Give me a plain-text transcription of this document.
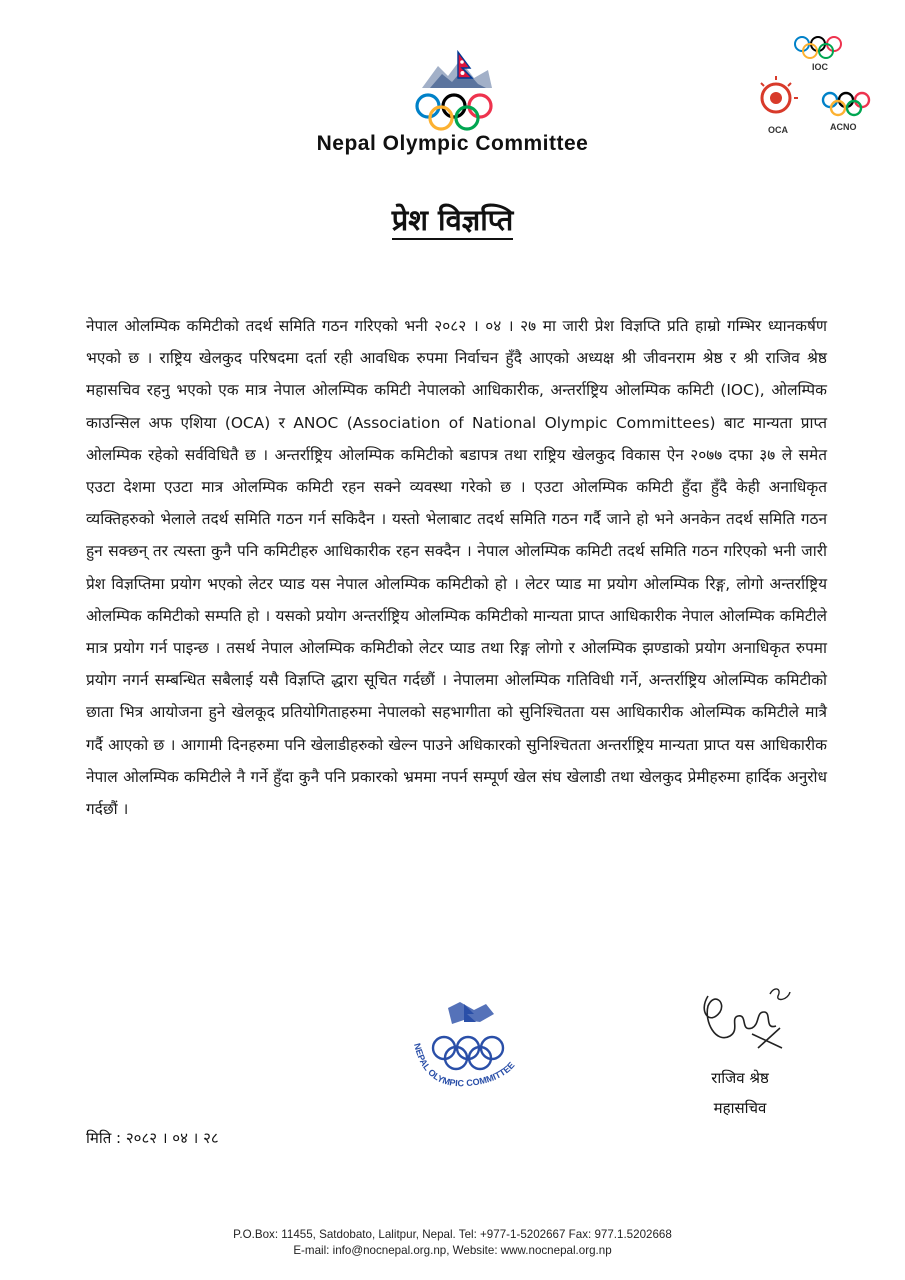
Nepal Olympic Committee
IOC
OCA	ACNO
प्रेश विज्ञप्ति
नेपाल ओलम्पिक कमिटीको तदर्थ समिति गठन गरिएको भनी २०८२ । ०४ । २७ मा जारी प्रेश विज्ञप्ति प्रति हाम्रो गम्भिर ध्यानकर्षण भएको छ । राष्ट्रिय खेलकुद परिषदमा दर्ता रही आवधिक रुपमा निर्वाचन हुँदै आएको अध्यक्ष श्री जीवनराम श्रेष्ठ र श्री राजिव श्रेष्ठ महासचिव रहनु भएको एक मात्र नेपाल ओलम्पिक कमिटी नेपालको आधिकारीक, अन्तर्राष्ट्रिय ओलम्पिक कमिटी (IOC), ओलम्पिक काउन्सिल अफ एशिया (OCA) र ANOC (Association of National Olympic Committees) बाट मान्यता प्राप्त ओलम्पिक रहेको सर्वविधितै छ । अन्तर्राष्ट्रिय ओलम्पिक कमिटीको बडापत्र तथा राष्ट्रिय खेलकुद विकास ऐन २०७७ दफा ३७ ले समेत एउटा देशमा एउटा मात्र ओलम्पिक कमिटी रहन सक्ने व्यवस्था गरेको छ । एउटा ओलम्पिक कमिटी हुँदा हुँदै केही अनाधिकृत व्यक्तिहरुको भेलाले तदर्थ समिति गठन गर्न सकिदैन । यस्तो भेलाबाट तदर्थ समिति गठन गर्दै जाने हो भने अनकेन तदर्थ समिति गठन हुन सक्छन् तर त्यस्ता कुनै पनि कमिटीहरु आधिकारीक रहन सक्दैन । नेपाल ओलम्पिक कमिटी तदर्थ समिति गठन गरिएको भनी जारी प्रेश विज्ञप्तिमा प्रयोग भएको लेटर प्याड यस नेपाल ओलम्पिक कमिटीको हो । लेटर प्याड मा प्रयोग ओलम्पिक रिङ्ग, लोगो अन्तर्राष्ट्रिय ओलम्पिक कमिटीको सम्पति हो । यसको प्रयोग अन्तर्राष्ट्रिय ओलम्पिक कमिटीको मान्यता प्राप्त आधिकारीक नेपाल ओलम्पिक कमिटीले मात्र प्रयोग गर्न पाइन्छ । तसर्थ नेपाल ओलम्पिक कमिटीको लेटर प्याड तथा रिङ्ग लोगो र ओलम्पिक झण्डाको प्रयोग अनाधिकृत रुपमा प्रयोग नगर्न सम्बन्धित सबैलाई यसै विज्ञप्ति द्धारा सूचित गर्दछौं । नेपालमा ओलम्पिक गतिविधी गर्ने, अन्तर्राष्ट्रिय ओलम्पिक कमिटीको छाता भित्र आयोजना हुने खेलकूद प्रतियोगिताहरुमा नेपालको सहभागीता को सुनिश्चितता यस आधिकारीक ओलम्पिक कमिटीले मात्रै गर्दै आएको छ । आगामी दिनहरुमा पनि खेलाडीहरुको खेल्न पाउने अधिकारको सुनिश्चितता अन्तर्राष्ट्रिय मान्यता प्राप्त यस आधिकारीक नेपाल ओलम्पिक कमिटीले नै गर्ने हुँदा कुनै पनि प्रकारको भ्रममा नपर्न सम्पूर्ण खेल संघ खेलाडी तथा खेलकुद प्रेमीहरुमा हार्दिक अनुरोध गर्दछौं ।
NEPAL OLYMPIC COMMITTEE
राजिव श्रेष्ठ
महासचिव
मिति : २०८२ । ०४ । २८
P.O.Box: 11455, Satdobato, Lalitpur, Nepal. Tel: +977-1-5202667 Fax: 977.1.5202668
E-mail: info@nocnepal.org.np, Website: www.nocnepal.org.np
